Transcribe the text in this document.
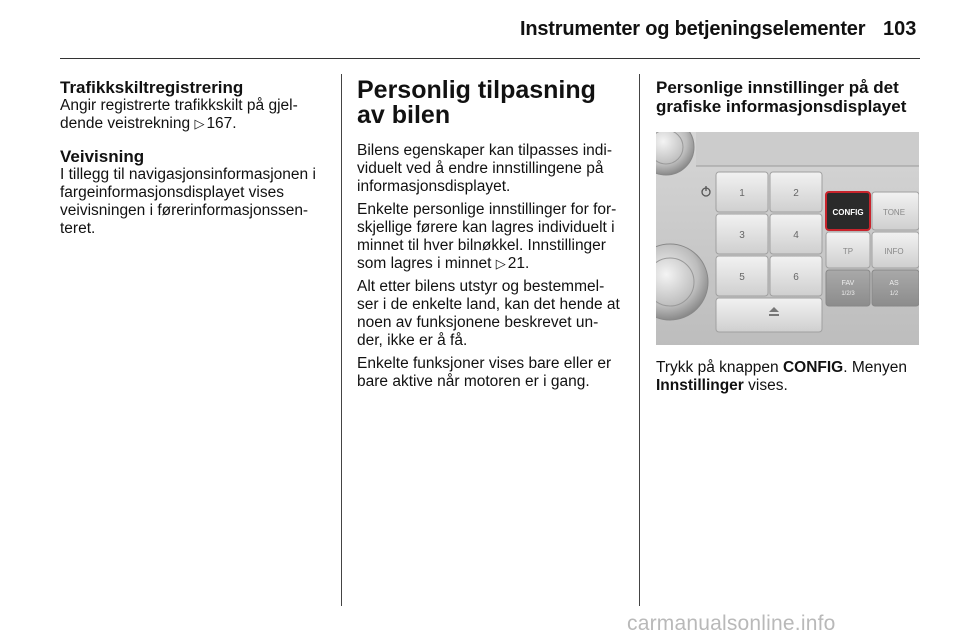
Instrumenter og betjeningselementer 103
Trafikkskiltregistrering

Angir registrerte trafikkskilt på gjel-dende veistrekning ▷ 167.

Veivisning

I tillegg til navigasjonsinformasjonen i fargeinformasjonsdisplayet vises veivisningen i førerinformasjonssen-teret.

Personlig tilpasning av bilen

Bilens egenskaper kan tilpasses indi-viduelt ved å endre innstillingene på informasjonsdisplayet.

Enkelte personlige innstillinger for for-skjellige førere kan lagres individuelt i minnet til hver bilnøkkel. Innstillinger som lagres i minnet ▷ 21.

Alt etter bilens utstyr og bestemmel-ser i de enkelte land, kan det hende at noen av funksjonene beskrevet un-der, ikke er å få.

Enkelte funksjoner vises bare eller er bare aktive når motoren er i gang.

Personlige innstillinger på det grafiske informasjonsdisplayet
1	2
3	4
5	6
CONFIG TONE
TP	INFO
FAV
1/2/3
AS
1/2

Trykk på knappen CONFIG. Menyen Innstillinger vises.

carmanualsonline.info
